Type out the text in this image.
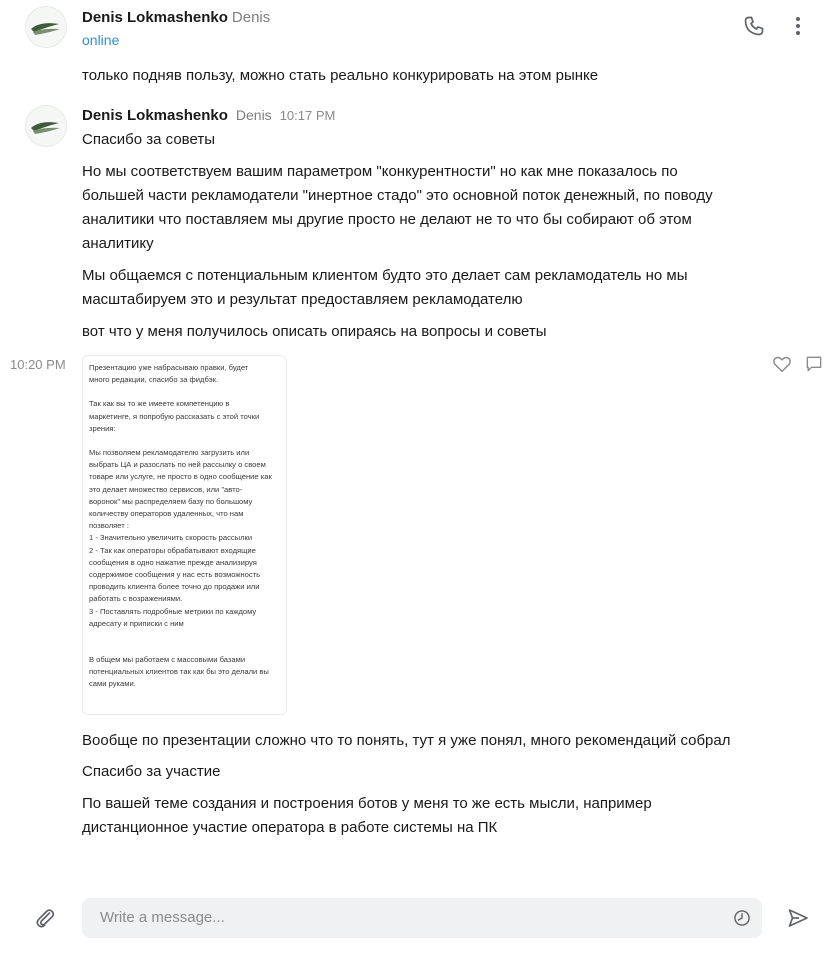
Denis Lokmashenko Denis
online
только подняв пользу, можно стать реально конкурировать на этом рынке
Denis Lokmashenko Denis 10:17 PM
Спасибо за советы
Но мы соответствуем вашим параметром "конкурентности" но как мне показалось по большей части рекламодатели "инертное стадо" это основной поток денежный, по поводу аналитики что поставляем мы другие просто не делают не то что бы собирают об этом аналитику
Мы общаемся с потенциальным клиентом будто это делает сам рекламодатель но мы масштабируем это и результат предоставляем рекламодателю
вот что у меня получилось описать опираясь на вопросы и советы
10:20 PM	Презентацию уже набрасываю правки, будет
много редакции, спасибо за фидбэк.

Так как вы то же имеете компетенцию в
маркетинге, я попробую рассказать с этой точки
зрения:

Мы позволяем рекламодателю загрузить или
выбрать ЦА и разослать по ней рассылку о своем
товаре или услуге, не просто в одно сообщение как
это делает множество сервисов, или "авто-
воронок" мы распределяем базу по большому
количеству операторов удаленных, что нам
позволяет :
1 - Значительно увеличить скорость рассылки
2 - Так как операторы обрабатывают входящие
сообщения в одно нажатие прежде анализируя
содержимое сообщения у нас есть возможность
проводить клиента более точно до продажи или
работать с возражениями.
3 - Поставлять подробные метрики по каждому
адресату и приписки с ним

В общем мы работаем с массовыми базами
потенциальных клиентов так как бы это делали вы
сами руками.

Вообще по презентации сложно что то понять, тут я уже понял, много рекомендаций собрал
Спасибо за участие
По вашей теме создания и построения ботов у меня то же есть мысли, например дистанционное участие оператора в работе системы на ПК
Write a message...
